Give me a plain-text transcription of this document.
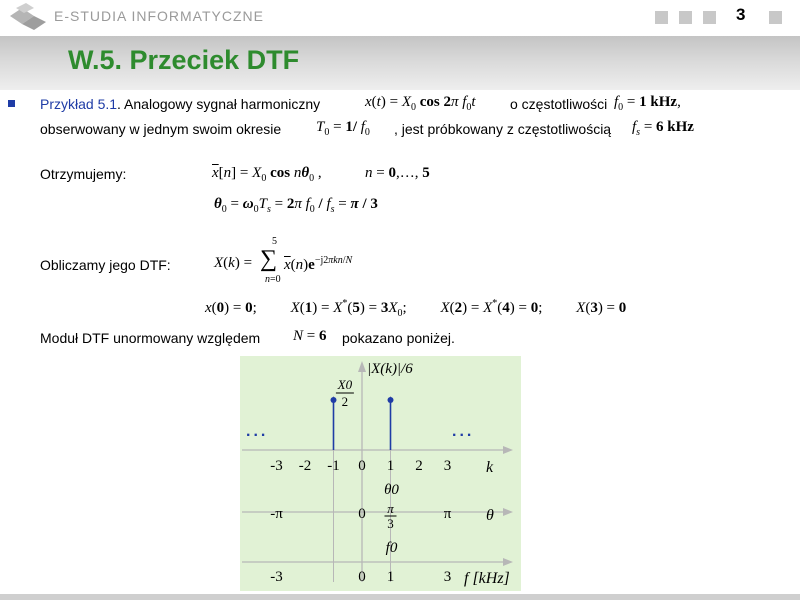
E-STUDIA INFORMATYCZNE	3
W.5. Przeciek DTF
Przykład 5.1. Analogowy sygnał harmoniczny	$x(t) = X_0$ cos 2π $f_0t$ o częstotliwości $f_0 = 1$ kHz,
obserwowany w jednym swoim okresie $T_0 = 1/$ $f_0$ , jest próbkowany z częstotliwością $f_s = 6$ kHz
Otrzymujemy:	$\overline{x}[n] = X_0$ $\cos n\theta_0$ ,	n = 0,…, 5
$\theta_0 = \omega_0T_s = 2\pi$ $f_0 / f_s = \pi / 3$
Obliczamy jego DTF:	X(k) = ∑
5
n=0
$\overline{x}(n)e^{-j2\pi kn/N}$
x(0) = 0;         $X(1) = X^*(5) = 3X_0$;         X(2) = X*(4) = 0;         X(3) = 0
Moduł DTF unormowany względem N = 6 pokazano poniżej.
|X(k)|/6
X0
2
...	...
-3 -2 -1 0 1 2 3 k
-π	0	π θ
θ0
π
3
-3	0 1	3 f [kHz]
f0
